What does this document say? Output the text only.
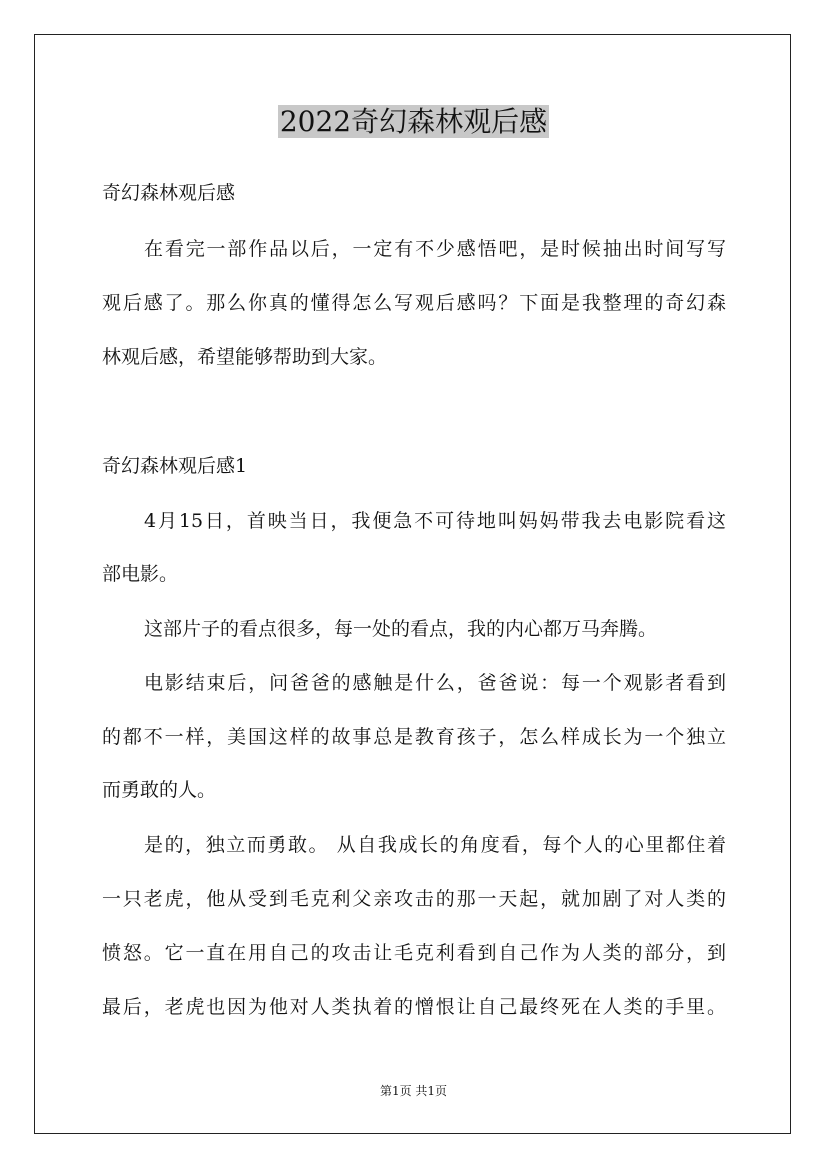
2022奇幻森林观后感
奇幻森林观后感
在看完一部作品以后，一定有不少感悟吧，是时候抽出时间写写
观后感了。那么你真的懂得怎么写观后感吗？下面是我整理的奇幻森
林观后感，希望能够帮助到大家。
奇幻森林观后感1
4月15日，首映当日，我便急不可待地叫妈妈带我去电影院看这
部电影。
这部片子的看点很多，每一处的看点，我的内心都万马奔腾。
电影结束后，问爸爸的感触是什么，爸爸说：每一个观影者看到
的都不一样，美国这样的故事总是教育孩子，怎么样成长为一个独立
而勇敢的人。
是的，独立而勇敢。 从自我成长的角度看，每个人的心里都住着
一只老虎，他从受到毛克利父亲攻击的那一天起，就加剧了对人类的
愤怒。它一直在用自己的攻击让毛克利看到自己作为人类的部分，到
最后，老虎也因为他对人类执着的憎恨让自己最终死在人类的手里。
第1页 共1页
